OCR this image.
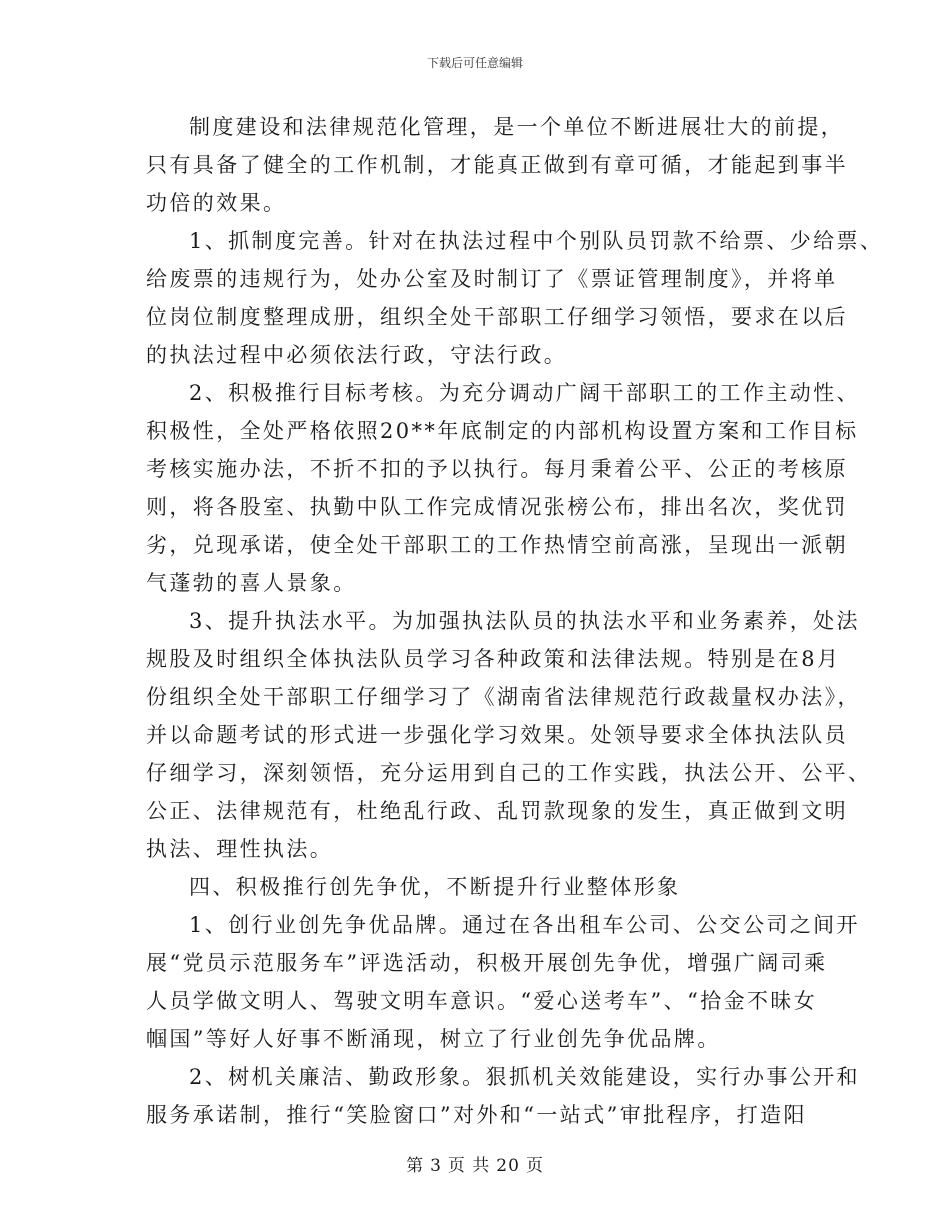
下载后可任意编辑
制度建设和法律规范化管理，是一个单位不断进展壮大的前提，
只有具备了健全的工作机制，才能真正做到有章可循，才能起到事半
功倍的效果。
1、抓制度完善。针对在执法过程中个别队员罚款不给票、少给票、
给废票的违规行为，处办公室及时制订了《票证管理制度》，并将单
位岗位制度整理成册，组织全处干部职工仔细学习领悟，要求在以后
的执法过程中必须依法行政，守法行政。
2、积极推行目标考核。为充分调动广阔干部职工的工作主动性、
积极性，全处严格依照20**年底制定的内部机构设置方案和工作目标
考核实施办法，不折不扣的予以执行。每月秉着公平、公正的考核原
则，将各股室、执勤中队工作完成情况张榜公布，排出名次，奖优罚
劣，兑现承诺，使全处干部职工的工作热情空前高涨，呈现出一派朝
气蓬勃的喜人景象。
3、提升执法水平。为加强执法队员的执法水平和业务素养，处法
规股及时组织全体执法队员学习各种政策和法律法规。特别是在8月
份组织全处干部职工仔细学习了《湖南省法律规范行政裁量权办法》，
并以命题考试的形式进一步强化学习效果。处领导要求全体执法队员
仔细学习，深刻领悟，充分运用到自己的工作实践，执法公开、公平、
公正、法律规范有，杜绝乱行政、乱罚款现象的发生，真正做到文明
执法、理性执法。
四、积极推行创先争优，不断提升行业整体形象
1、创行业创先争优品牌。通过在各出租车公司、公交公司之间开
展“党员示范服务车”评选活动，积极开展创先争优，增强广阔司乘
人员学做文明人、驾驶文明车意识。“爱心送考车”、“拾金不昧女
帼国”等好人好事不断涌现，树立了行业创先争优品牌。
2、树机关廉洁、勤政形象。狠抓机关效能建设，实行办事公开和
服务承诺制，推行“笑脸窗口”对外和“一站式”审批程序，打造阳
第 3 页 共 20 页
